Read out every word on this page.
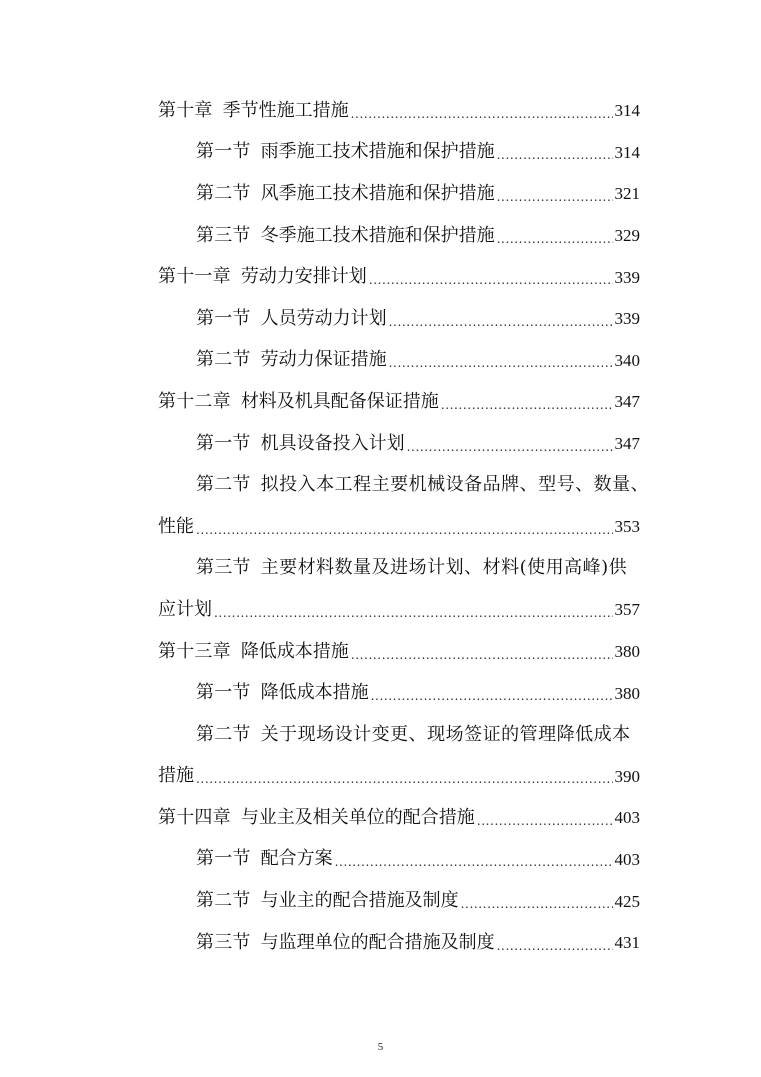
第十章 季节性施工措施 .....	314
第一节 雨季施工技术措施和保护措施 .....	314
第二节 风季施工技术措施和保护措施 .....	321
第三节 冬季施工技术措施和保护措施 .....	329
第十一章 劳动力安排计划 .....	339
第一节 人员劳动力计划 .....	339
第二节 劳动力保证措施 .....	340
第十二章 材料及机具配备保证措施 .....	347
第一节 机具设备投入计划 .....	347
第二节 拟投入本工程主要机械设备品牌、型号、数量、
性能 .....	353
第三节 主要材料数量及进场计划、材料(使用高峰)供
应计划 .....	357
第十三章 降低成本措施 .....	380
第一节 降低成本措施 .....	380
第二节 关于现场设计变更、现场签证的管理降低成本
措施 .....	390
第十四章 与业主及相关单位的配合措施 .....	403
第一节 配合方案 .....	403
第二节 与业主的配合措施及制度 .....	425
第三节 与监理单位的配合措施及制度 .....	431
5
